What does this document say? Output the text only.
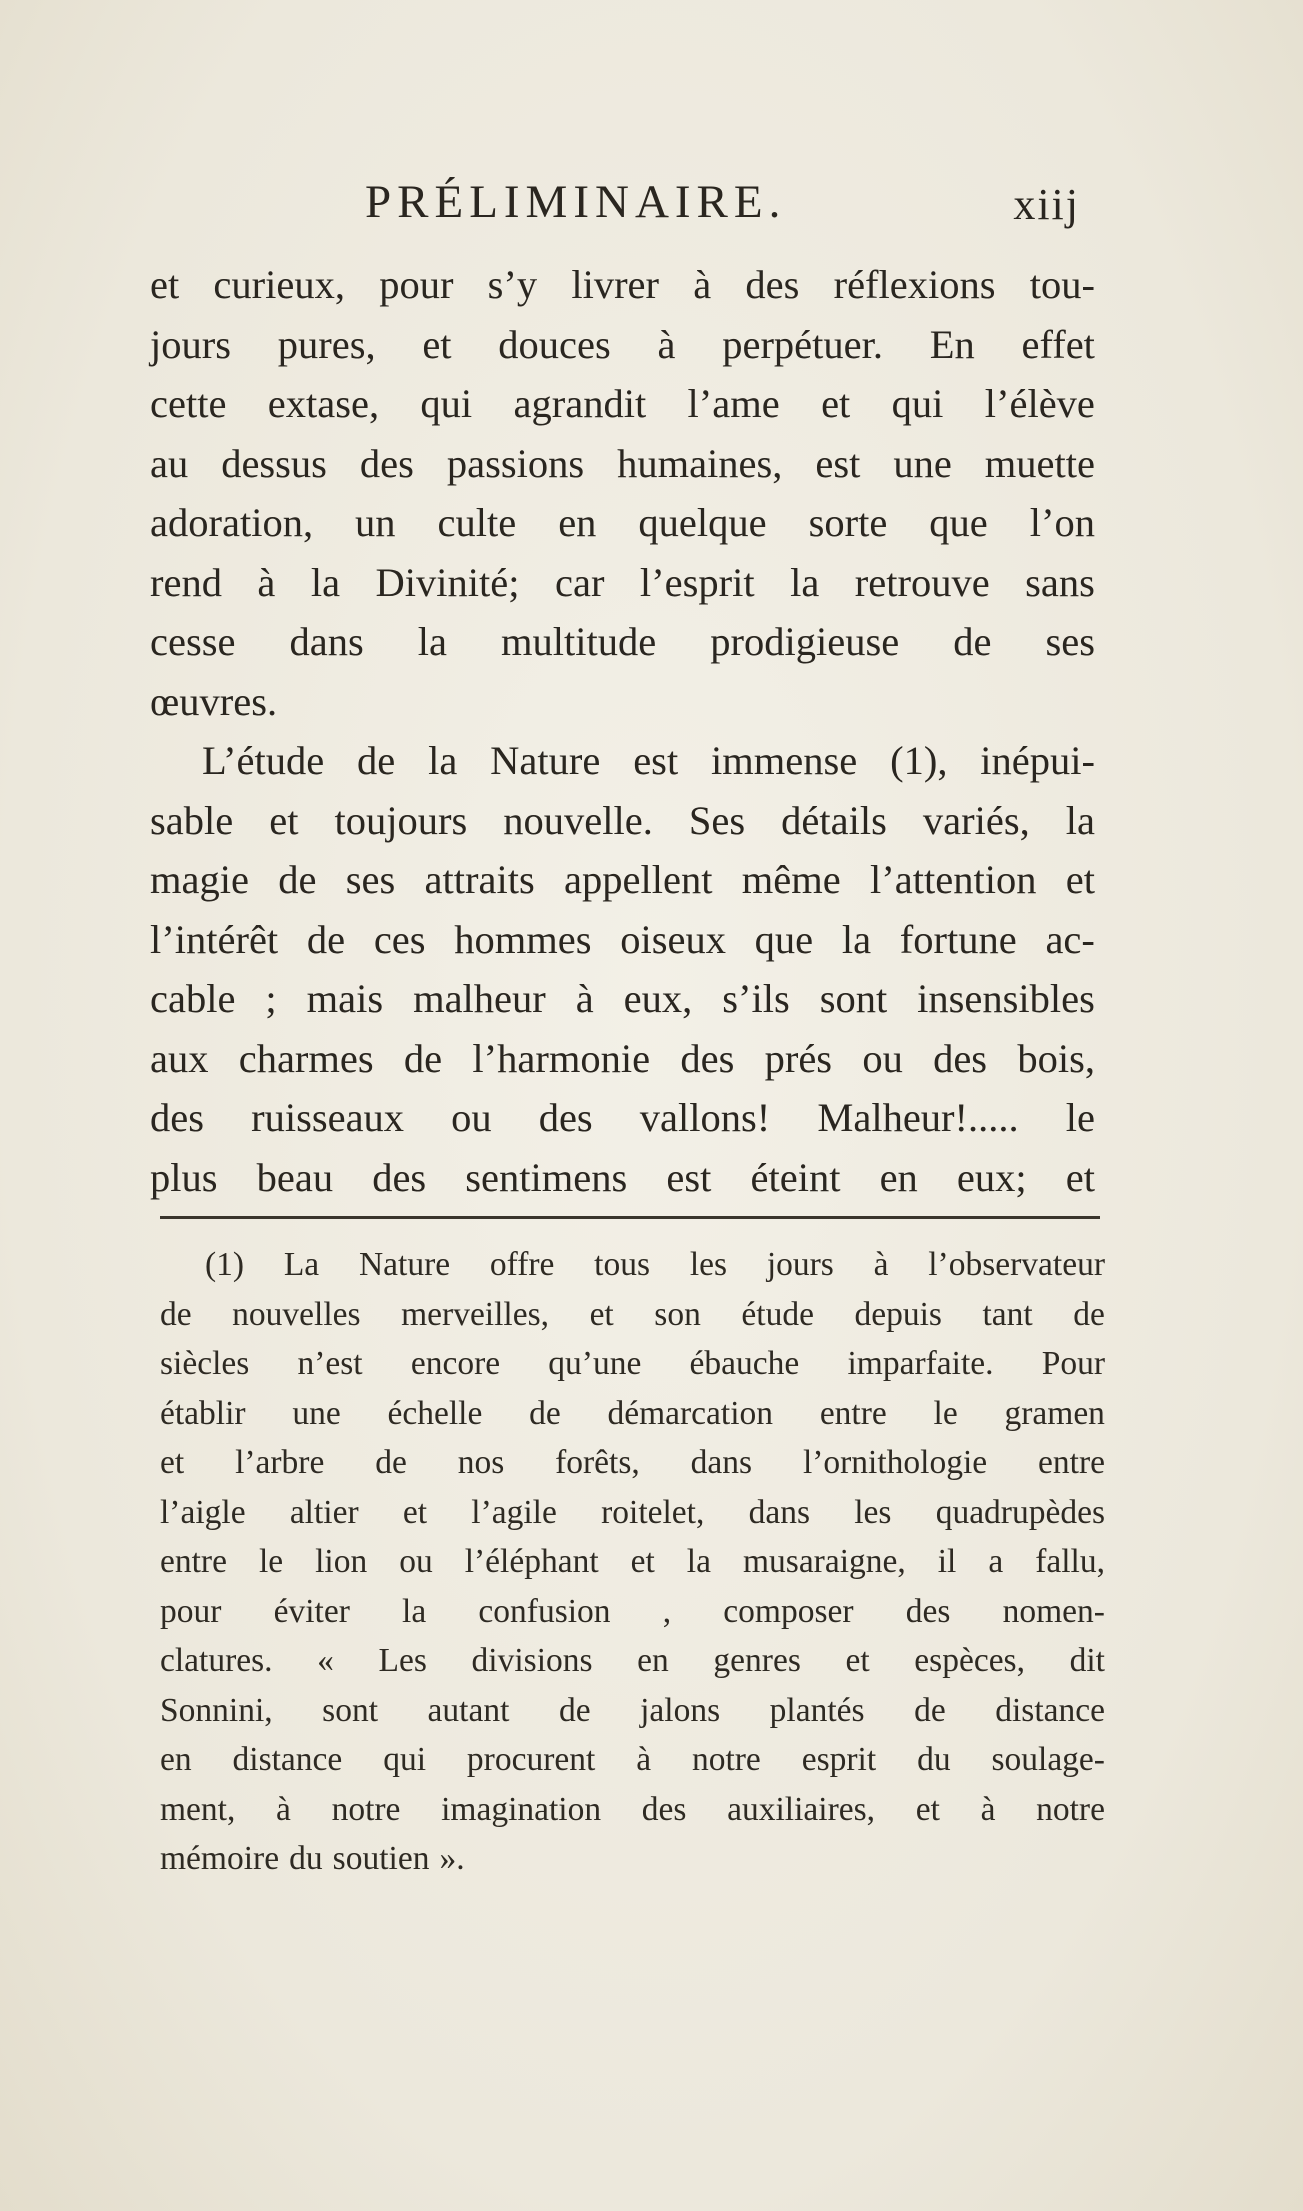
PRÉLIMINAIRE.	xiij
et curieux, pour s’y livrer à des réflexions tou-
jours pures, et douces à perpétuer. En effet
cette extase, qui agrandit l’ame et qui l’élève
au dessus des passions humaines, est une muette
adoration, un culte en quelque sorte que l’on
rend à la Divinité; car l’esprit la retrouve sans
cesse dans la multitude prodigieuse de ses
œuvres.
L’étude de la Nature est immense (1), inépui-
sable et toujours nouvelle. Ses détails variés, la
magie de ses attraits appellent même l’attention et
l’intérêt de ces hommes oiseux que la fortune ac-
cable ; mais malheur à eux, s’ils sont insensibles
aux charmes de l’harmonie des prés ou des bois,
des ruisseaux ou des vallons! Malheur!..... le
plus beau des sentimens est éteint en eux; et
(1) La Nature offre tous les jours à l’observateur
de nouvelles merveilles, et son étude depuis tant de
siècles n’est encore qu’une ébauche imparfaite. Pour
établir une échelle de démarcation entre le gramen
et l’arbre de nos forêts, dans l’ornithologie entre
l’aigle altier et l’agile roitelet, dans les quadrupèdes
entre le lion ou l’éléphant et la musaraigne, il a fallu,
pour éviter la confusion , composer des nomen-
clatures. « Les divisions en genres et espèces, dit
Sonnini, sont autant de jalons plantés de distance
en distance qui procurent à notre esprit du soulage-
ment, à notre imagination des auxiliaires, et à notre
mémoire du soutien ».
